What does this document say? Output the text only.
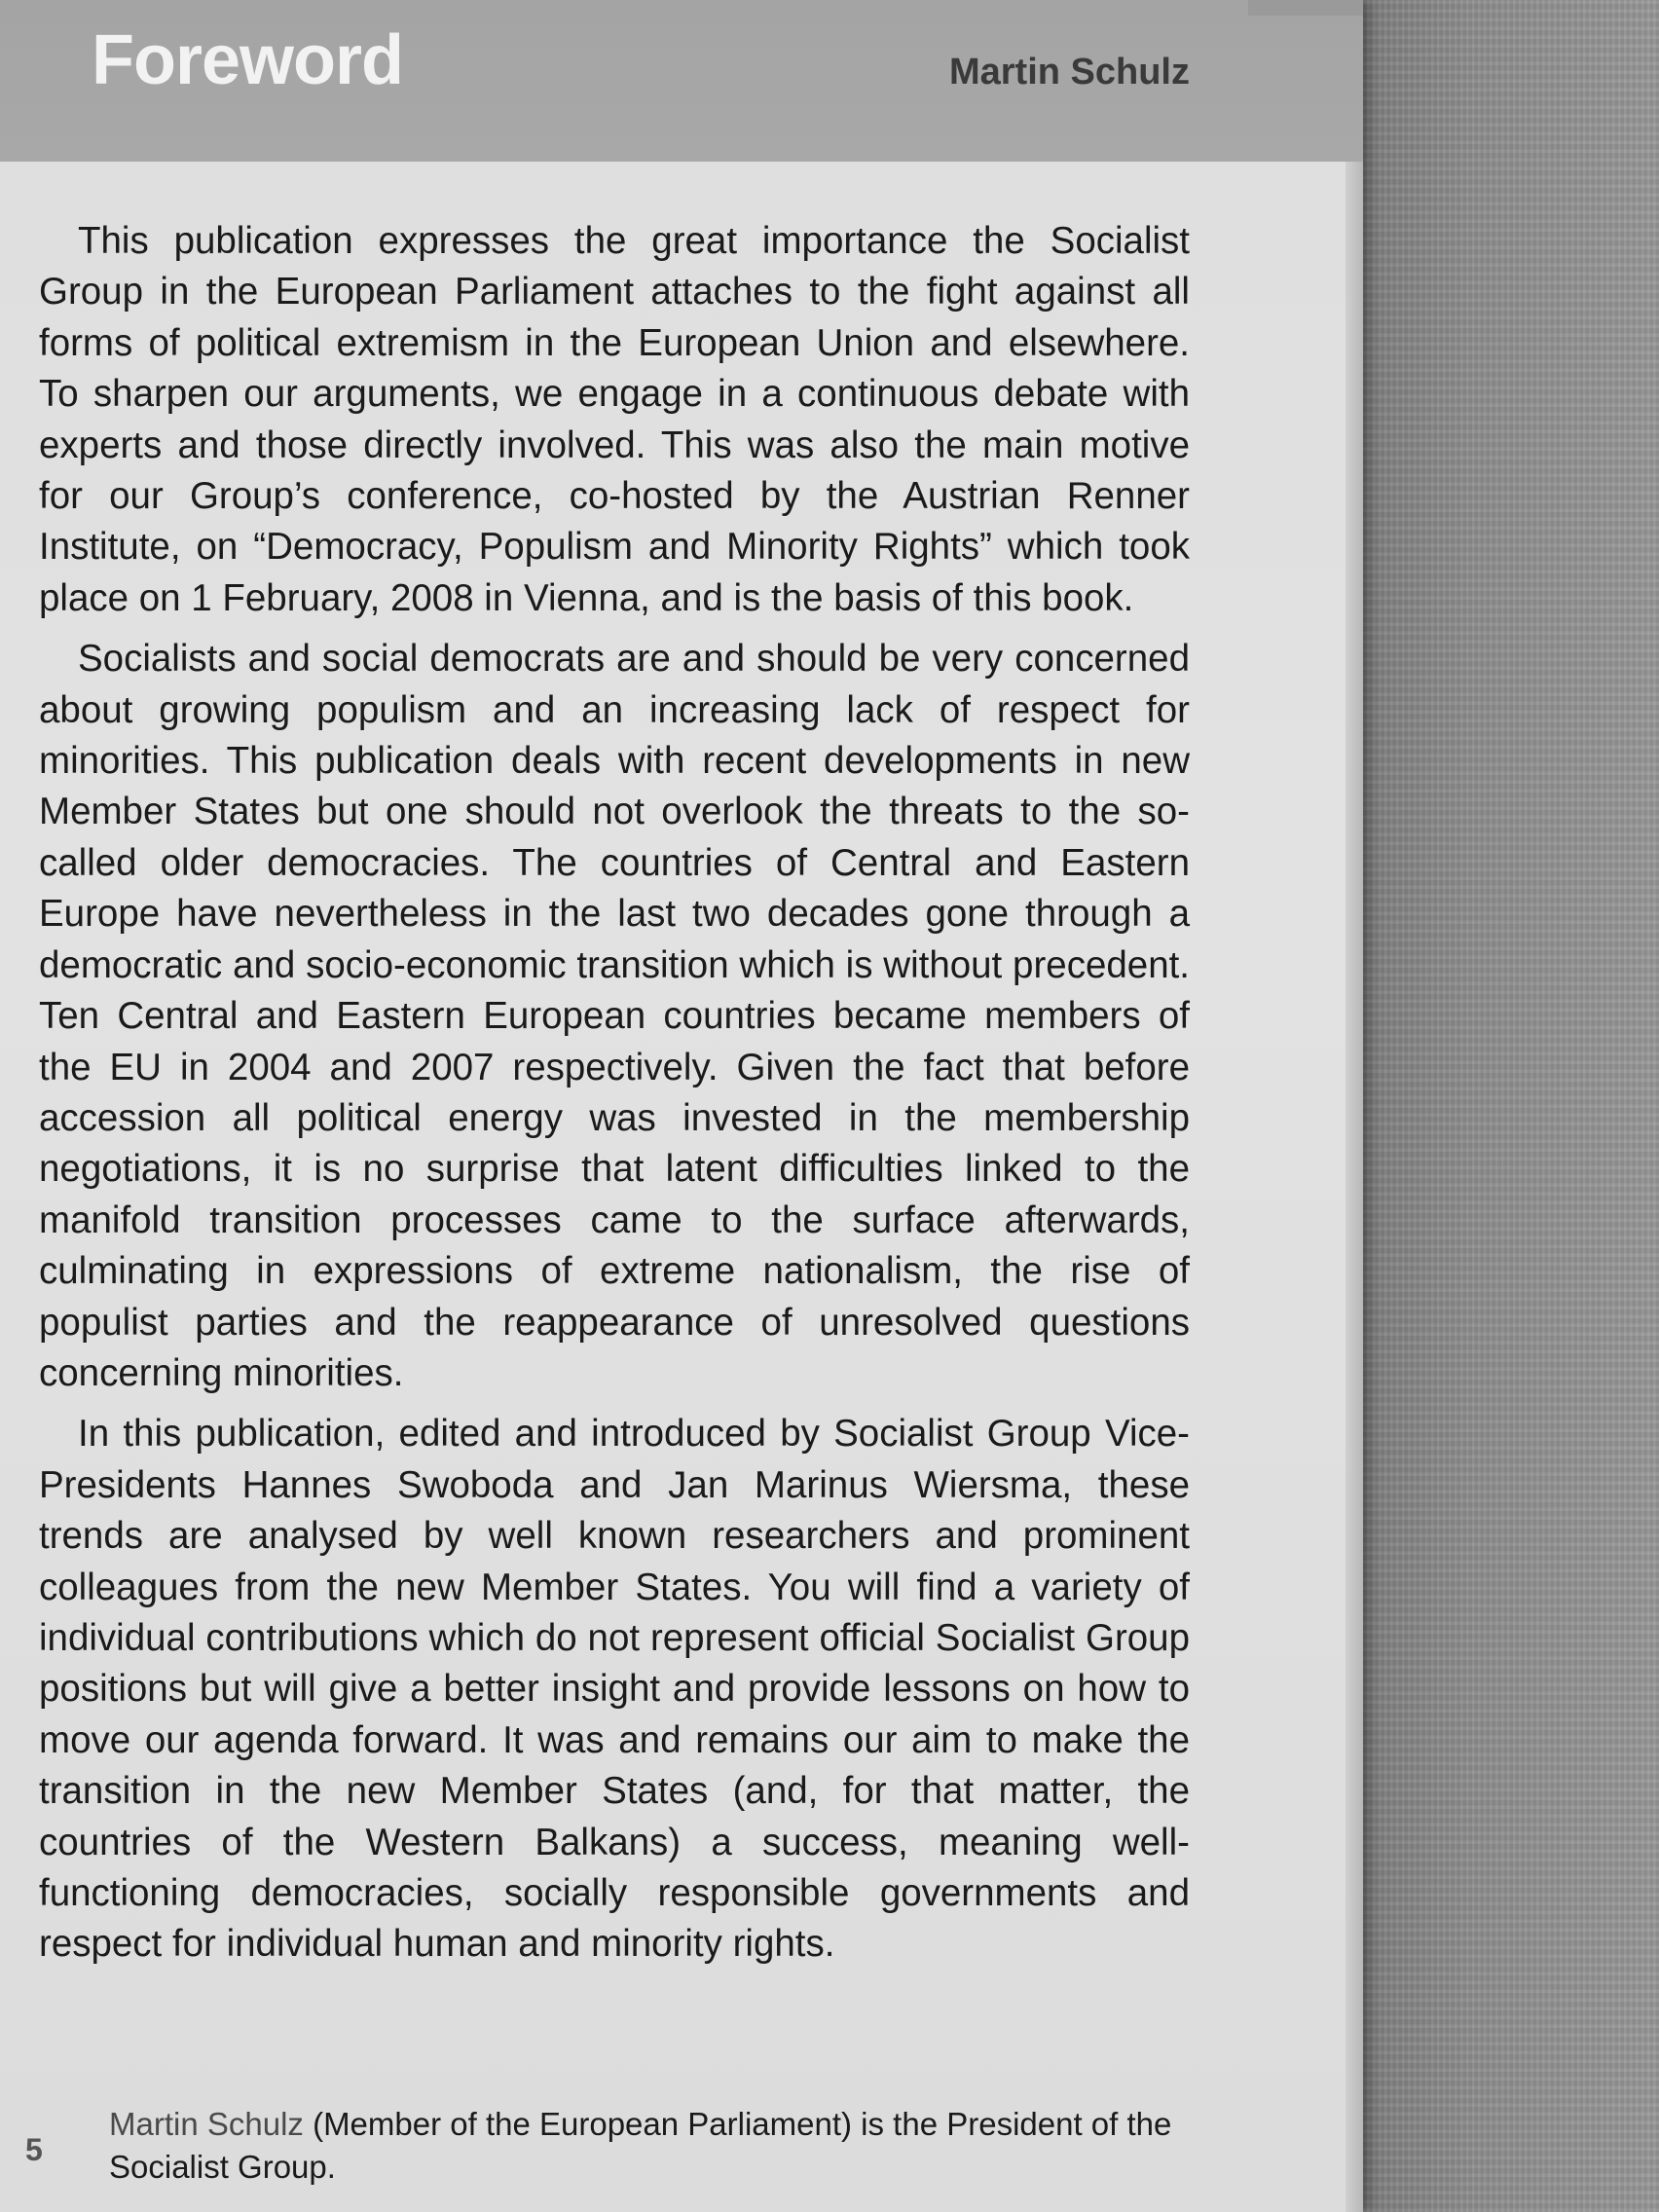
Foreword	Martin Schulz

This publication expresses the great importance the Socialist Group in the European Parliament attaches to the fight against all forms of political extremism in the European Union and elsewhere. To sharpen our arguments, we engage in a continuous debate with experts and those directly involved. This was also the main motive for our Group’s conference, co-hosted by the Austrian Renner Institute, on “Democracy, Populism and Minority Rights” which took place on 1 February, 2008 in Vienna, and is the basis of this book.

Socialists and social democrats are and should be very concerned about growing populism and an increasing lack of respect for minorities. This publication deals with recent developments in new Member States but one should not overlook the threats to the so-called older democracies. The countries of Central and Eastern Europe have nevertheless in the last two decades gone through a democratic and socio-economic transition which is without precedent. Ten Central and Eastern European countries became members of the EU in 2004 and 2007 respectively. Given the fact that before accession all political energy was invested in the membership negotiations, it is no surprise that latent difficulties linked to the manifold transition processes came to the surface afterwards, culminating in expressions of extreme nationalism, the rise of populist parties and the reappearance of unresolved questions concerning minorities.

In this publication, edited and introduced by Socialist Group Vice-Presidents Hannes Swoboda and Jan Marinus Wiersma, these trends are analysed by well known researchers and prominent colleagues from the new Member States. You will find a variety of individual contributions which do not represent official Socialist Group positions but will give a better insight and provide lessons on how to move our agenda forward. It was and remains our aim to make the transition in the new Member States (and, for that matter, the countries of the Western Balkans) a success, meaning well-functioning democracies, socially responsible governments and respect for individual human and minority rights.

5
Martin Schulz (Member of the European Parliament) is the President of the Socialist Group.
